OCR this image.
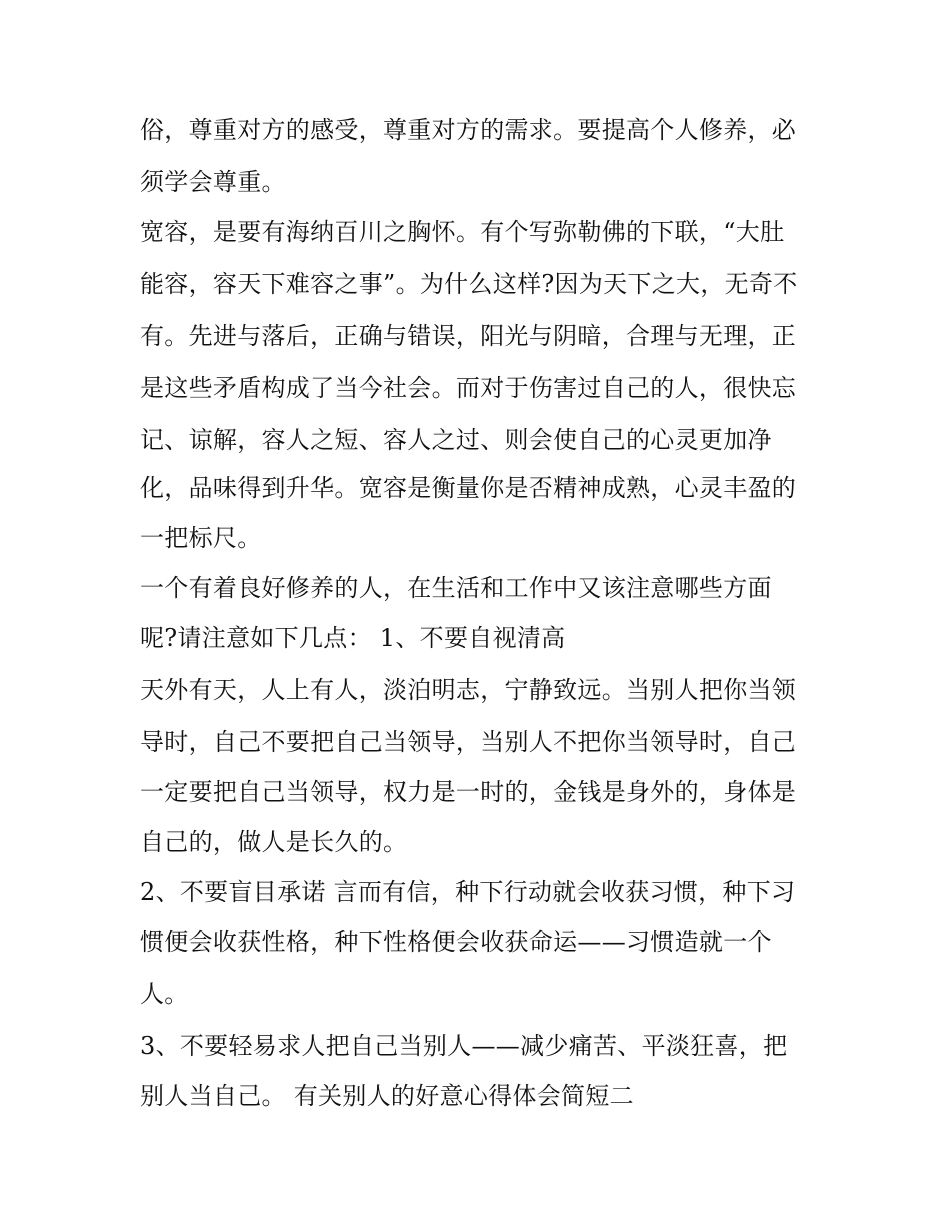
俗，尊重对方的感受，尊重对方的需求。要提高个人修养，必
须学会尊重。
宽容，是要有海纳百川之胸怀。有个写弥勒佛的下联，“大肚
能容，容天下难容之事”。为什么这样?因为天下之大，无奇不
有。先进与落后，正确与错误，阳光与阴暗，合理与无理，正
是这些矛盾构成了当今社会。而对于伤害过自己的人，很快忘
记、谅解，容人之短、容人之过、则会使自己的心灵更加净
化，品味得到升华。宽容是衡量你是否精神成熟，心灵丰盈的
一把标尺。
一个有着良好修养的人，在生活和工作中又该注意哪些方面
呢?请注意如下几点： 1、不要自视清高
天外有天，人上有人，淡泊明志，宁静致远。当别人把你当领
导时，自己不要把自己当领导，当别人不把你当领导时，自己
一定要把自己当领导，权力是一时的，金钱是身外的，身体是
自己的，做人是长久的。
2、不要盲目承诺 言而有信，种下行动就会收获习惯，种下习
惯便会收获性格，种下性格便会收获命运——习惯造就一个
人。
3、不要轻易求人把自己当别人——减少痛苦、平淡狂喜，把
别人当自己。 有关别人的好意心得体会简短二
